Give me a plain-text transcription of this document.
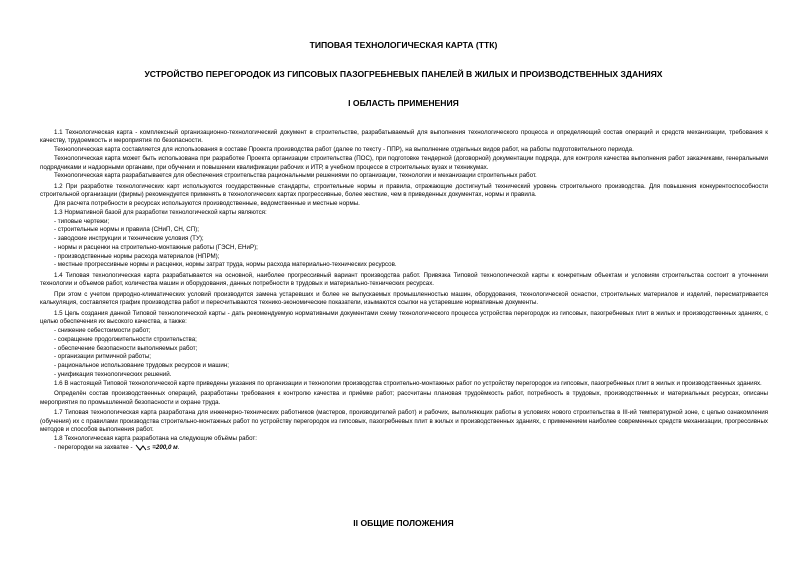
ТИПОВАЯ ТЕХНОЛОГИЧЕСКАЯ КАРТА (ТТК)
УСТРОЙСТВО ПЕРЕГОРОДОК ИЗ ГИПСОВЫХ ПАЗОГРЕБНЕВЫХ ПАНЕЛЕЙ В ЖИЛЫХ И ПРОИЗВОДСТВЕННЫХ ЗДАНИЯХ
I ОБЛАСТЬ ПРИМЕНЕНИЯ

1.1 Технологическая карта - комплексный организационно-технологический документ в строительстве, разрабатываемый для выполнения технологического процесса и определяющий состав операций и средств механизации, требования к качеству, трудоемкость и мероприятия по безопасности.

Технологическая карта составляется для использования в составе Проекта производства работ (далее по тексту - ППР), на выполнение отдельных видов работ, на работы подготовительного периода.

Технологическая карта может быть использована при разработке Проекта организации строительства (ПОС), при подготовке тендерной (договорной) документации подряда, для контроля качества выполнения работ заказчиками, генеральными подрядчиками и надзорными органами, при обучении и повышении квалификации рабочих и ИТР, в учебном процессе в строительных вузах и техникумах.

Технологическая карта разрабатывается для обеспечения строительства рациональными решениями по организации, технологии и механизации строительных работ.

1.2 При разработке технологических карт используются государственные стандарты, строительные нормы и правила, отражающие достигнутый технический уровень строительного производства. Для повышения конкурентоспособности строительной организации (фирмы) рекомендуется применять в технологических картах прогрессивные, более жесткие, чем в приведенных документах, нормы и правила.

Для расчета потребности в ресурсах используются производственные, ведомственные и местные нормы.

1.3 Нормативной базой для разработки технологической карты являются:

- типовые чертежи;

- строительные нормы и правила (СНиП, СН, СП);

- заводские инструкции и технические условия (ТУ);

- нормы и расценки на строительно-монтажные работы (ГЭСН, ЕНиР);

- производственные нормы расхода материалов (НПРМ);

- местные прогрессивные нормы и расценки, нормы затрат труда, нормы расхода материально-технических ресурсов.

1.4 Типовая технологическая карта разрабатывается на основной, наиболее прогрессивный вариант производства работ. Привязка Типовой технологической карты к конкретным объектам и условиям строительства состоит в уточнении технологии и объемов работ, количества машин и оборудования, данных потребности в трудовых и материально-технических ресурсах.

При этом с учетом природно-климатических условий производится замена устаревших и более не выпускаемых промышленностью машин, оборудования, технологической оснастки, строительных материалов и изделий, пересматривается калькуляция, составляется график производства работ и пересчитываются технико-экономические показатели, изымаются ссылки на устаревшие нормативные документы.

1.5 Цель создания данной Типовой технологической карты - дать рекомендуемую нормативными документами схему технологического процесса устройства перегородок из гипсовых, пазогребневых плит в жилых и производственных зданиях, с целью обеспечения их высокого качества, а также:

- снижение себестоимости работ;

- сокращение продолжительности строительства;

- обеспечение безопасности выполняемых работ;

- организации ритмичной работы;

- рациональное использование трудовых ресурсов и машин;

- унификация технологических решений.

1.6 В настоящей Типовой технологической карте приведены указания по организации и технологии производства строительно-монтажных работ по устройству перегородок из гипсовых, пазогребневых плит в жилых и производственных зданиях.

Определён состав производственных операций, разработаны требования к контролю качества и приёмке работ; рассчитаны плановая трудоёмкость работ, потребность в трудовых, производственных и материальных ресурсах, описаны мероприятия по промышленной безопасности и охране труда.

1.7 Типовая технологическая карта разработана для инженерно-технических работников (мастеров, производителей работ) и рабочих, выполняющих работы в условиях нового строительства в III-ий температурной зоне, с целью ознакомления (обучения) их с правилами производства строительно-монтажных работ по устройству перегородок из гипсовых, пазогребневых плит в жилых и производственных зданиях, с применением наиболее современных средств механизации, прогрессивных методов и способов выполнения работ.

1.8 Технологическая карта разработана на следующие объёмы работ:

- перегородки на захватке -	S =200,0 м.

II ОБЩИЕ ПОЛОЖЕНИЯ
